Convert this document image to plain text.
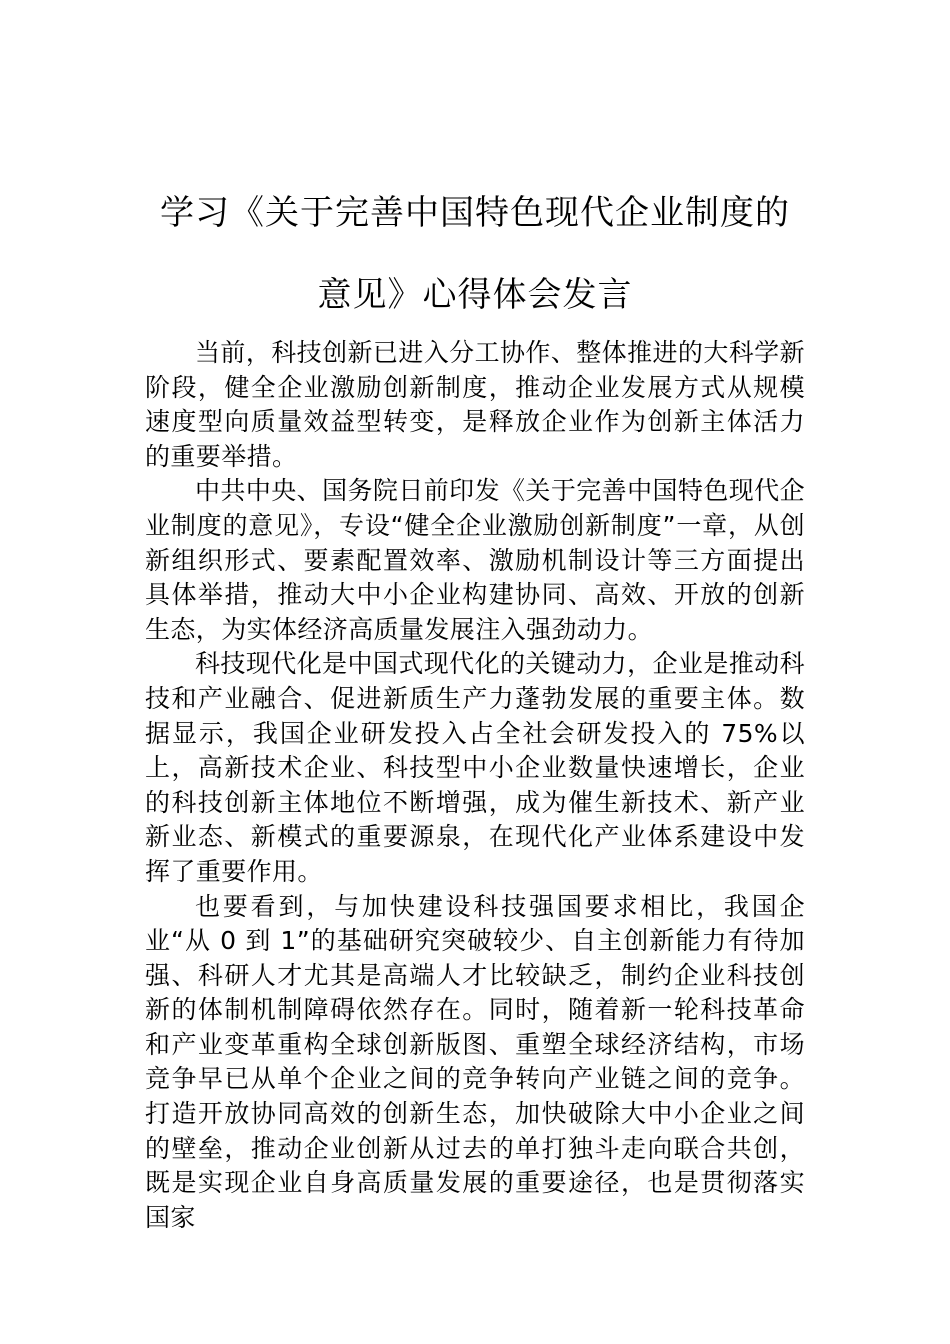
学习《关于完善中国特色现代企业制度的
意见》心得体会发言

当前，科技创新已进入分工协作、整体推进的大科学新阶段，健全企业激励创新制度，推动企业发展方式从规模速度型向质量效益型转变，是释放企业作为创新主体活力的重要举措。

中共中央、国务院日前印发《关于完善中国特色现代企业制度的意见》，专设“健全企业激励创新制度”一章，从创新组织形式、要素配置效率、激励机制设计等三方面提出具体举措，推动大中小企业构建协同、高效、开放的创新生态，为实体经济高质量发展注入强劲动力。

科技现代化是中国式现代化的关键动力，企业是推动科技和产业融合、促进新质生产力蓬勃发展的重要主体。数据显示，我国企业研发投入占全社会研发投入的 75%以上，高新技术企业、科技型中小企业数量快速增长，企业的科技创新主体地位不断增强，成为催生新技术、新产业新业态、新模式的重要源泉，在现代化产业体系建设中发挥了重要作用。

也要看到，与加快建设科技强国要求相比，我国企业“从 0 到 1”的基础研究突破较少、自主创新能力有待加强、科研人才尤其是高端人才比较缺乏，制约企业科技创新的体制机制障碍依然存在。同时，随着新一轮科技革命和产业变革重构全球创新版图、重塑全球经济结构，市场竞争早已从单个企业之间的竞争转向产业链之间的竞争。打造开放协同高效的创新生态，加快破除大中小企业之间的壁垒，推动企业创新从过去的单打独斗走向联合共创，既是实现企业自身高质量发展的重要途径，也是贯彻落实国家
